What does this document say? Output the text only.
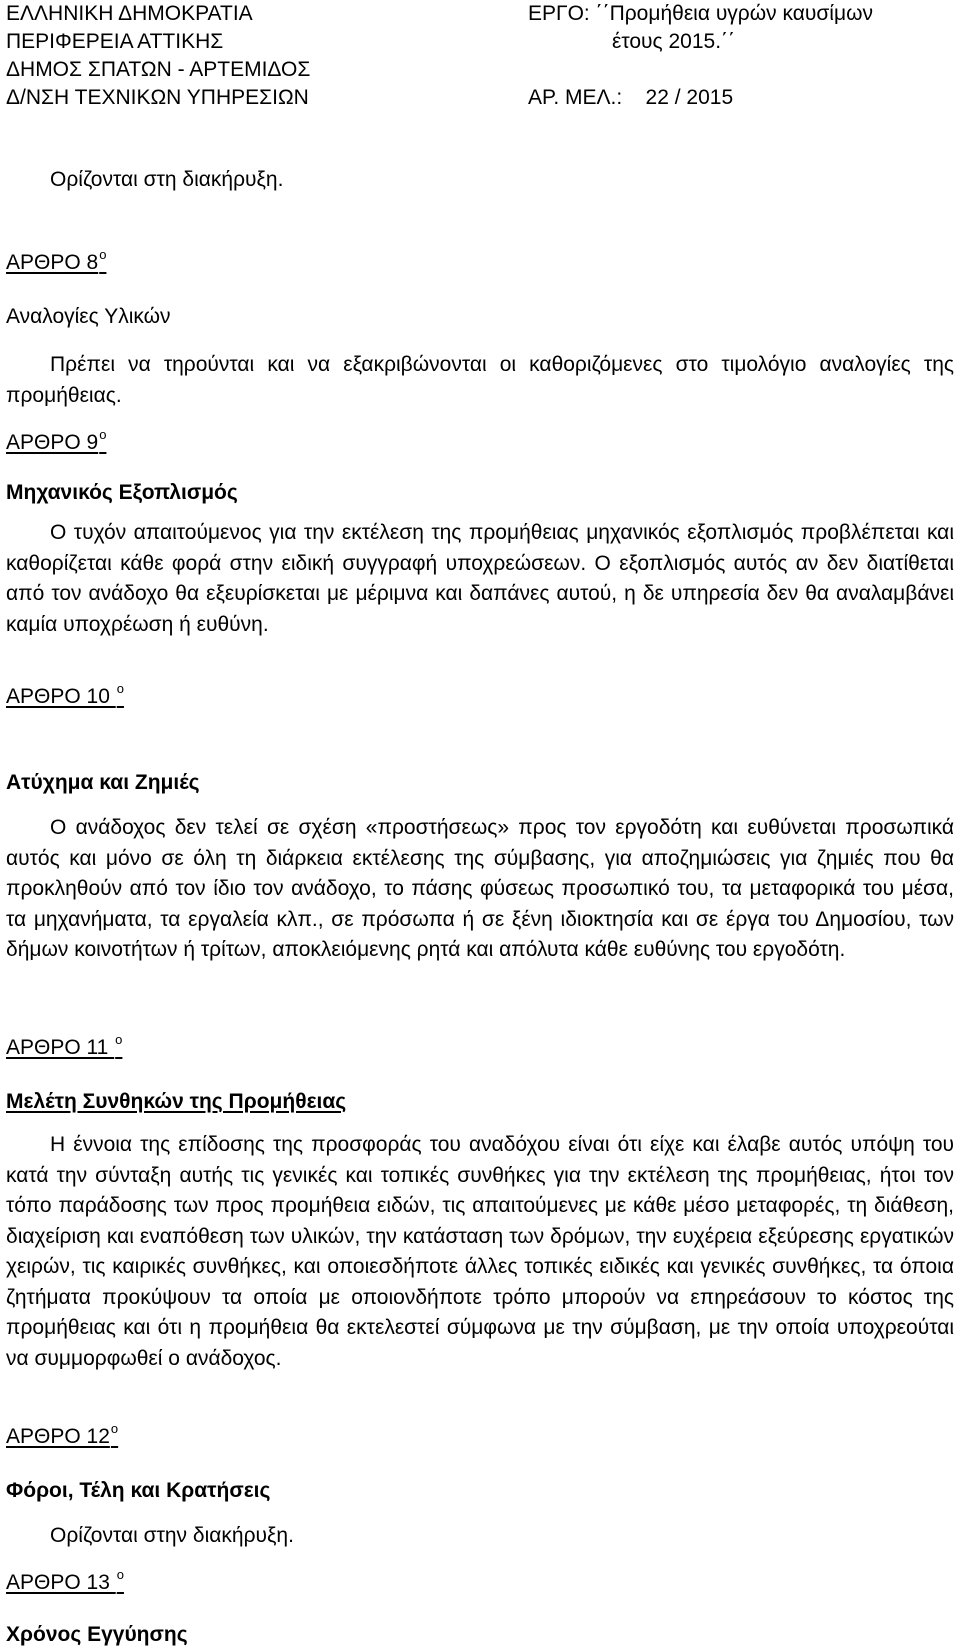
ΕΛΛΗΝΙΚΗ ΔΗΜΟΚΡΑΤΙΑ
ΠΕΡΙΦΕΡΕΙΑ ΑΤΤΙΚΗΣ
ΔΗΜΟΣ ΣΠΑΤΩΝ - ΑΡΤΕΜΙΔΟΣ
Δ/ΝΣΗ ΤΕΧΝΙΚΩΝ ΥΠΗΡΕΣΙΩΝ
ΕΡΓΟ: ΄΄Προμήθεια υγρών καυσίμων
έτους 2015.΄΄
ΑΡ. ΜΕΛ.: 22 / 2015
Ορίζονται στη διακήρυξη.
ΑΡΘΡΟ $8^o$
Αναλογίες Υλικών

Πρέπει να τηρούνται και να εξακριβώνονται οι καθοριζόμενες στο τιμολόγιο αναλογίες της προμήθειας.

ΑΡΘΡΟ $9^o$
Μηχανικός Εξοπλισμός

Ο τυχόν απαιτούμενος για την εκτέλεση της προμήθειας μηχανικός εξοπλισμός προβλέπεται και καθορίζεται κάθε φορά στην ειδική συγγραφή υποχρεώσεων. Ο εξοπλισμός αυτός αν δεν διατίθεται από τον ανάδοχο θα εξευρίσκεται με μέριμνα και δαπάνες αυτού, η δε υπηρεσία δεν θα αναλαμβάνει καμία υποχρέωση ή ευθύνη.

ΑΡΘΡΟ 10 $^o$
Ατύχημα και Ζημιές

Ο ανάδοχος δεν τελεί σε σχέση «προστήσεως» προς τον εργοδότη και ευθύνεται προσωπικά αυτός και μόνο σε όλη τη διάρκεια εκτέλεσης της σύμβασης, για αποζημιώσεις για ζημιές που θα προκληθούν από τον ίδιο τον ανάδοχο, το πάσης φύσεως προσωπικό του, τα μεταφορικά του μέσα, τα μηχανήματα, τα εργαλεία κλπ., σε πρόσωπα ή σε ξένη ιδιοκτησία και σε έργα του Δημοσίου, των δήμων κοινοτήτων ή τρίτων, αποκλειόμενης ρητά και απόλυτα κάθε ευθύνης του εργοδότη.

ΑΡΘΡΟ 11 $^o$
Μελέτη Συνθηκών της Προμήθειας

Η έννοια της επίδοσης της προσφοράς του αναδόχου είναι ότι είχε και έλαβε αυτός υπόψη του κατά την σύνταξη αυτής τις γενικές και τοπικές συνθήκες για την εκτέλεση της προμήθειας, ήτοι τον τόπο παράδοσης των προς προμήθεια ειδών, τις απαιτούμενες με κάθε μέσο μεταφορές, τη διάθεση, διαχείριση και εναπόθεση των υλικών, την κατάσταση των δρόμων, την ευχέρεια εξεύρεσης εργατικών χειρών, τις καιρικές συνθήκες, και οποιεσδήποτε άλλες τοπικές ειδικές και γενικές συνθήκες, τα όποια ζητήματα προκύψουν τα οποία με οποιονδήποτε τρόπο μπορούν να επηρεάσουν το κόστος της προμήθειας και ότι η προμήθεια θα εκτελεστεί σύμφωνα με την σύμβαση, με την οποία υποχρεούται να συμμορφωθεί ο ανάδοχος.

ΑΡΘΡΟ $12^o$
Φόροι, Τέλη και Κρατήσεις
Ορίζονται στην διακήρυξη.
ΑΡΘΡΟ 13 $^o$
Χρόνος Εγγύησης
